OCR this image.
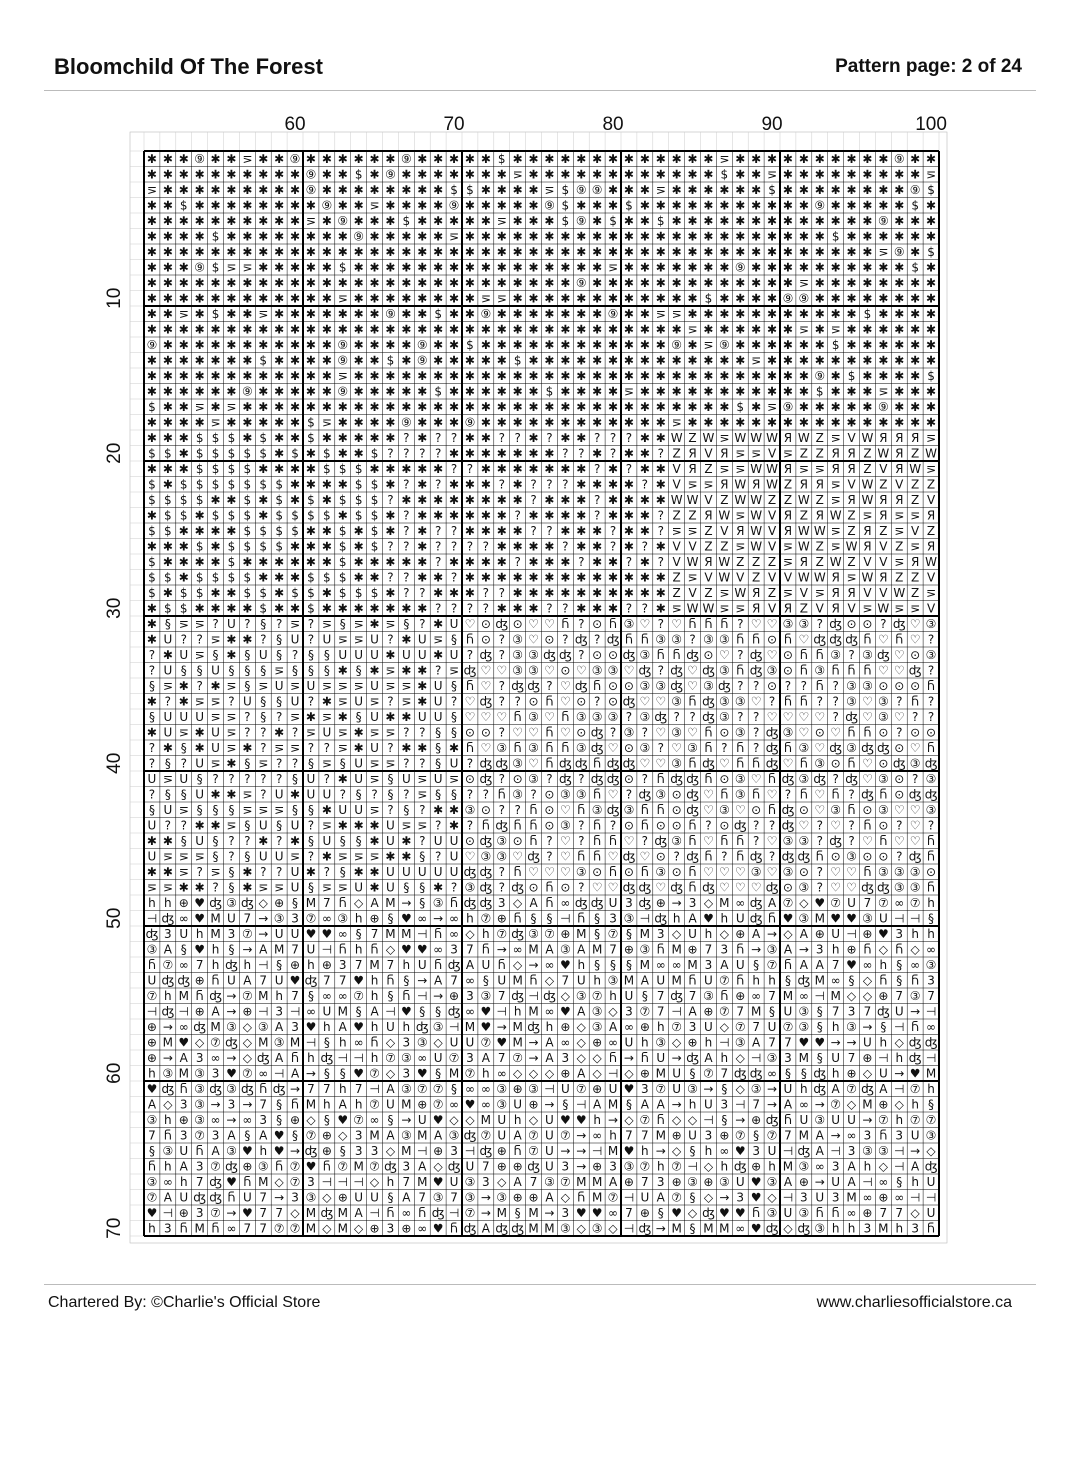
Bloomchild Of The Forest	Pattern page: 2 of 24
✱ ✱ ✱ ⑨ ✱ ✱ ⋝ ✱ ✱ ⑨ ✱ ✱ ✱ ✱ ✱ ✱ ⑨ ✱ ✱ ✱ ✱ ✱ $ ✱ ✱ ✱ ✱ ✱ ✱ ✱ ✱ ✱ ✱ ✱ ✱ ✱ ⋝ ✱ ✱ ✱ ✱ ✱ ✱ ✱ ✱ ✱ ✱ ⑨ ✱ ✱
✱ ✱ ✱ ✱ ✱ ✱ ✱ ✱ ✱ ✱ ⑨ ✱ ✱ $ ✱ ⑨ ✱ ✱ ✱ ✱ ✱ ✱ ✱ ⋝ ✱ ✱ ✱ ✱ ✱ ✱ ✱ ✱ ✱ ✱ ✱ ✱ $ ✱ ✱ ⋝ ✱ ✱ ✱ ✱ ✱ ✱ ✱ ✱ ✱ ⋝
⋝ ✱ ✱ ✱ ✱ ✱ ✱ ✱ ✱ ✱ ⑨ ✱ ✱ ✱ ✱ ✱ ✱ ✱ ✱ $ $ ✱ ✱ ✱ ✱ ⋝ $ ⑨ ⑨ ✱ ✱ ✱ ⋝ ✱ ✱ ✱ ✱ ✱ ✱ $ ✱ ✱ ✱ ✱ ✱ ✱ ✱ ✱ ⑨ $
✱ ✱ $ ✱ ✱ ✱ ✱ ✱ ✱ ✱ ✱ ⑨ ✱ ✱ ⋝ ✱ ✱ ✱ ✱ ⑨ ✱ ✱ ✱ ✱ ✱ ⑨ $ ✱ ✱ ✱ $ ✱ ✱ ✱ ✱ ✱ ✱ ✱ ✱ ✱ ✱ ✱ ⑨ ✱ ✱ ✱ ✱ ✱ $ ✱
✱ ✱ ✱ ✱ ✱ ✱ ✱ ✱ ✱ ✱ ⋝ ✱ ⑨ ✱ ✱ ✱ $ ✱ ✱ ✱ ✱ ✱ ⋝ ✱ ✱ ✱ $ ⑨ ✱ $ ✱ ✱ $ ✱ ✱ ✱ ✱ ✱ ✱ ✱ ✱ ✱ ✱ ✱ ✱ ✱ ⑨ ✱ ✱ ✱
✱ ✱ ✱ ✱ $ ✱ ✱ ✱ ✱ ✱ ✱ ✱ ✱ ⑨ ✱ ✱ ✱ ✱ ✱ ⋝ ✱ ✱ ✱ ✱ ✱ ✱ ✱ ✱ ✱ ✱ ✱ ✱ ✱ ✱ ✱ ✱ ✱ ✱ ✱ ✱ ✱ ✱ ✱ $ ✱ ✱ ✱ ✱ ✱ ✱
✱ ✱ ✱ ✱ ✱ ✱ ✱ ✱ ✱ ✱ ✱ ✱ ✱ ✱ ✱ ✱ ✱ ✱ ✱ ✱ ✱ ✱ ✱ ✱ ✱ ✱ ✱ ✱ ✱ ✱ ✱ ✱ ✱ ✱ ✱ ✱ ✱ ✱ ✱ ✱ ✱ ✱ ✱ ✱ ✱ ✱ ⋝ ⑨ ✱ $
✱ ✱ ✱ ⑨ $ ⋝ ⋝ ✱ ✱ ✱ ✱ ✱ $ ✱ ✱ ✱ ✱ ✱ ✱ ✱ ✱ ✱ ✱ ✱ ✱ ✱ ✱ ✱ ✱ ⋝ ✱ ✱ ✱ ✱ ✱ ✱ ✱ ⑨ ✱ ✱ ✱ ✱ ✱ ✱ ✱ ✱ ✱ ✱ $ ✱
✱ ✱ ✱ ✱ ✱ ✱ ✱ ✱ ✱ ✱ ✱ ✱ ✱ ✱ ✱ ✱ ✱ ✱ ✱ ✱ ✱ ✱ ✱ ✱ ✱ ✱ ✱ ⑨ ✱ ✱ ✱ ✱ ✱ ✱ ✱ ✱ ✱ ✱ ✱ ✱ ✱ ⋝ ✱ ✱ ✱ ✱ ✱ ✱ ✱ ✱
✱ ✱ ✱ ✱ ✱ ✱ ✱ ✱ ✱ ✱ ✱ ✱ ⋝ ✱ ✱ ✱ ✱ ✱ ✱ ✱ ✱ ⋝ ⋝ ✱ ✱ ✱ ✱ ✱ ✱ ✱ ✱ ✱ ✱ ✱ ✱ $ ✱ ✱ ✱ ✱ ⑨ ⑨ ✱ ✱ ✱ ✱ ✱ ✱ ✱ ✱
✱ ✱ ⋝ ✱ $ ✱ ✱ ⋝ ✱ ✱ ✱ ✱ ✱ ✱ ✱ ⑨ ✱ ✱ $ ✱ ✱ ⑨ ✱ ✱ ✱ ✱ ✱ ✱ ✱ ⑨ ✱ ✱ ⋝ ⋝ ✱ ✱ ✱ ✱ ✱ ✱ ✱ ✱ ✱ ✱ ✱ $ ✱ ✱ ✱ ✱
✱ ✱ ✱ ✱ ✱ ✱ ✱ ✱ ✱ ✱ ✱ ✱ ✱ ✱ ✱ ✱ ✱ ✱ ✱ ✱ ✱ ✱ ✱ ✱ ✱ ✱ ✱ ✱ ✱ ✱ ✱ ✱ ✱ ✱ ⋝ ✱ ✱ ✱ ✱ ✱ ✱ ⋝ ✱ ⋝ ✱ ✱ ✱ ✱ ✱ ✱
⑨ ✱ ✱ ✱ ✱ ✱ ✱ ✱ ✱ ✱ ✱ ✱ ⑨ ✱ ✱ ✱ ✱ ⑨ ✱ ✱ $ ✱ ✱ ✱ ✱ ✱ ✱ ✱ ✱ ✱ ✱ ✱ ✱ ⑨ ✱ ⋝ ⑨ ✱ ✱ ✱ ✱ ✱ ✱ $ ✱ ✱ ✱ ✱ ✱ ✱
✱ ✱ ✱ ✱ ✱ ✱ ✱ $ ✱ ✱ ✱ ✱ ⑨ ✱ ✱ $ ✱ ⑨ ✱ ✱ ✱ ✱ ✱ $ ✱ ✱ ✱ ✱ ✱ ✱ ✱ ✱ ✱ ✱ ✱ ✱ ✱ ✱ ⋝ ✱ ✱ ✱ ✱ ✱ ✱ ✱ ✱ ✱ ✱ ✱
✱ ✱ ✱ ✱ ✱ ✱ ✱ ✱ ✱ ✱ ✱ ✱ ⋝ ✱ ✱ ✱ ✱ ✱ ✱ ✱ ✱ ✱ ✱ ✱ ✱ ✱ ✱ ✱ ✱ ✱ ✱ ✱ ✱ ✱ ✱ ✱ ✱ ✱ ✱ ✱ ✱ ✱ ⑨ ✱ $ ✱ ✱ ✱ ✱ $
✱ ✱ ✱ ✱ ✱ ✱ ⑨ ✱ ✱ ✱ ✱ ✱ ⑨ ✱ ✱ ✱ ✱ ✱ $ ✱ ✱ ✱ ✱ ✱ ✱ $ ✱ ✱ ✱ ✱ ⋝ ✱ ✱ ✱ ✱ ✱ ✱ ✱ ✱ ✱ ✱ ✱ $ ✱ ✱ ✱ ⋝ ✱ ✱ ✱
$ ✱ ✱ ⋝ ✱ ⋝ ✱ ✱ ✱ ✱ ✱ ✱ ✱ ✱ ✱ ✱ ✱ ✱ ✱ ✱ ✱ ✱ ✱ ✱ ✱ ✱ ✱ ✱ ✱ ✱ ✱ ✱ ✱ ✱ ✱ ✱ ✱ $ ✱ ⋝ ⑨ ✱ ✱ ✱ ✱ ✱ ⑨ ✱ ✱ ✱
✱ ✱ ✱ ✱ ⋝ ✱ ✱ ✱ ✱ ✱ $ ⋝ ✱ ✱ ✱ ✱ ⑨ ✱ ✱ ✱ ⑨ ✱ ✱ ✱ ✱ ✱ ✱ ✱ ✱ ✱ ✱ ✱ ✱ ⋝ ✱ ✱ ✱ ✱ ✱ ✱ ✱ ✱ ✱ ✱ ✱ ✱ ✱ ✱ ✱ ✱
✱ ✱ ✱ $ $ $ ✱ $ ✱ ✱ $ ✱ ✱ ✱ ✱ ✱ ? ✱ ? ? ✱ ✱ ? ? ✱ ? ✱ ✱ ? ? ? ✱ ✱ W Z W ⋝ W W W Я W Z ⋝ V W Я Я Я ⋝
$ $ ✱ $ $ $ $ $ ✱ $ ✱ $ ✱ ✱ $ ? ? ? ? ✱ ✱ ✱ ✱ ✱ ✱ ✱ ? ? ✱ ? ✱ ✱ ? Z Я V Я ⋝ ⋝ V ⋝ Z Z Я Я Z W Я Z W
✱ ✱ ✱ $ $ $ $ ✱ ✱ ✱ ✱ $ $ $ ✱ ✱ ✱ ✱ ✱ ? ? ✱ ✱ ✱ ✱ ✱ ✱ ✱ ? ✱ ? ✱ ✱ V Я Z ⋝ ⋝ W W Я ⋝ ⋝ Я Я Z V Я W ⋝
$ ✱ $ $ $ $ $ $ $ ✱ ✱ ✱ ✱ $ $ ✱ ? ✱ ? ✱ ✱ ✱ ? ✱ ? ? ? ✱ ✱ ✱ ✱ ? ✱ V ⋝ ⋝ Я W Я W Z Я Я ⋝ V W Z V Z Z
$ $ $ $ ✱ ✱ $ ✱ $ ✱ $ ✱ $ $ $ ? ✱ ✱ ✱ ✱ ✱ ✱ ✱ ✱ ? ✱ ✱ ✱ ? ✱ ✱ ✱ ✱ W W V Z W W Z Z W Z ⋝ Я W Я Я Z V
✱ $ $ ✱ $ $ $ ✱ $ $ $ $ ✱ $ $ ✱ ? ✱ ✱ ✱ ✱ ✱ ✱ ? ✱ ✱ ✱ ✱ ? ✱ ✱ ✱ ? Z Z Я W ⋝ W V Я Z Я W Z ⋝ Я ⋝ ⋝ Я
$ $ ✱ ✱ ✱ ✱ $ $ $ $ ✱ ✱ $ ✱ $ ✱ ? ✱ ? ? ✱ ✱ ✱ ✱ ? ? ✱ ✱ ✱ ? ✱ ✱ ? ⋝ ⋝ Z V Я W V Я W W ⋝ Z Я Z ⋝ V Z
✱ ✱ ✱ $ ✱ $ $ $ $ ✱ ✱ ✱ $ ✱ $ ? ? ✱ ? ? ? ? ✱ ✱ ✱ ✱ ? ✱ ✱ ? ✱ ? ✱ V V Z Z ⋝ W V ⋝ W Z ⋝ W Я V Z ⋝ Я
$ ✱ ✱ ✱ ✱ $ ✱ ✱ ✱ ✱ ✱ ✱ $ ✱ ✱ ✱ ✱ ✱ ? ✱ ✱ ✱ ✱ ? ✱ ✱ ✱ ? ✱ ✱ ? ✱ ? V W Я W Z Z Z ⋝ Я Z W Z V V ⋝ Я W
$ $ ✱ $ $ $ $ ✱ ✱ ✱ $ $ $ ✱ ✱ ? ? ✱ ✱ ? ✱ ✱ ✱ ✱ ✱ ✱ ✱ ✱ ✱ ✱ ✱ ✱ ✱ Z ⋝ V W V Z V V W W Я ⋝ W Я Z Z V
$ ✱ $ $ ✱ ✱ $ $ ✱ $ $ ✱ $ $ $ ✱ ? ? ✱ ✱ ✱ ? ? ✱ ✱ ✱ ✱ ✱ ✱ ✱ ✱ ✱ ✱ Z V Z ⋝ W Я Z ⋝ V ⋝ Я Я V V W Z ⋝
✱ $ $ ✱ ✱ ✱ ✱ $ ✱ ✱ $ ✱ ✱ ✱ ✱ ✱ ✱ ✱ ? ? ? ? ✱ ✱ ✱ ? ? ✱ ✱ ✱ ? ? ✱ ⋝ W W ⋝ ⋝ Я V Я Z V Я V ⋝ W ⋝ ⋝ V
✱ § ⋝ ⋝ ? U ? § ? ⋝ ? ⋝ § ⋝ ✱ ⋝ § ? ✱ U ♡ ⊙ ʤ ⊙ ♡ ♡ Ⴌ ? ⊙ Ⴌ ③ ♡ ? ♡ Ⴌ Ⴌ Ⴌ ? ♡ ♡ ③ ③ ? ʤ ⊙ ⊙ ? ʤ ♡ ③
✱ U ? ? ⋝ ✱ ✱ ? § U ? U ⋝ ⋝ U ? ✱ U ⋝ § Ⴌ ⊙ ? ③ ♡ ⊙ ? ʤ ? ʤ Ⴌ Ⴌ ③ ③ ? ③ ③ Ⴌ Ⴌ ⊙ Ⴌ ♡ ʤ ʤ ʤ Ⴌ ♡ Ⴌ ♡ ?
? ✱ U ⋝ § ✱ § U § ? § § U U U ✱ U U ✱ U ? ʤ ? ③ ③ ʤ ʤ ? ⊙ ⊙ ʤ ③ Ⴌ Ⴌ ʤ ⊙ ♡ ? ʤ ♡ ⊙ Ⴌ Ⴌ ③ ? ③ ʤ ♡ ⊙ ③
? U § § U § § § ⋝ § § § ✱ § ✱ ⋝ ✱ ✱ ? ⋝ ʤ ♡ ♡ ③ ③ ♡ ⊙ ♡ ③ ③ ♡ ʤ ? ʤ ♡ ʤ ③ Ⴌ ʤ ③ ⊙ Ⴌ ③ Ⴌ Ⴌ Ⴌ ♡ ♡ ʤ ?
§ ⋝ ✱ ? ✱ ⋝ § ⋝ U ⋝ U ⋝ ⋝ ⋝ U ⋝ ⋝ ✱ U § Ⴌ ♡ ? ʤ ʤ ? ♡ ʤ Ⴌ ⊙ ⊙ ③ ③ ʤ ♡ ③ ʤ ? ? ⊙ ? ? Ⴌ ? ③ ③ ⊙ ⊙ ⊙ Ⴌ
✱ ? ✱ ⋝ ⋝ ? U § § U ? ✱ ⋝ U ⋝ ? ⋝ ✱ U ? ♡ ʤ ? ? ⊙ Ⴌ ♡ ⊙ ? ⊙ ʤ ♡ ♡ ③ Ⴌ ʤ ③ ③ ♡ ? Ⴌ Ⴌ ? ? ③ ♡ ③ ? Ⴌ ?
§ U U U ⋝ ⋝ ? § ? ⋝ ✱ ⋝ ✱ § U ✱ ✱ U U § ♡ ♡ ♡ Ⴌ ③ ♡ Ⴌ ③ ③ ③ ? ③ ʤ ? ? ʤ ③ ? ? ♡ ♡ ♡ ♡ ? ʤ ♡ ③ ♡ ? ?
✱ U ⋝ ✱ U ⋝ ? ? ✱ ? ⋝ U ⋝ ✱ ⋝ ⋝ ? ? § § ⊙ ⊙ ? ♡ ♡ Ⴌ ♡ ⊙ ʤ ? ③ ? ♡ ③ ♡ Ⴌ ⊙ ③ ? ʤ ③ ♡ ⊙ ♡ Ⴌ Ⴌ ⊙ ? ⊙ ⊙
? ✱ § ✱ U ⋝ ✱ ? ⋝ ⋝ ? ? ⋝ ✱ U ? ✱ ✱ § ✱ Ⴌ ♡ ③ Ⴌ ③ Ⴌ Ⴌ ③ ʤ ♡ ⊙ ③ ? ♡ ③ Ⴌ ? Ⴌ ? ʤ Ⴌ ③ ♡ ʤ ③ ʤ ʤ ⊙ ♡ Ⴌ
? § ? U ⋝ ✱ § ⋝ ? ? § ⋝ § U ⋝ ⋝ ? ? § U ? ʤ ʤ ③ ♡ Ⴌ ʤ ʤ Ⴌ ʤ ʤ ♡ ♡ ③ Ⴌ ʤ ♡ Ⴌ Ⴌ ʤ ♡ Ⴌ ③ ⊙ Ⴌ ♡ ⊙ ʤ ③ ʤ
U ⋝ U § ? ? ? ? ? § U ? ✱ U ⋝ § U ⋝ U ⋝ ⊙ ʤ ? ⊙ ③ ? ʤ ? ʤ ʤ ⊙ ? Ⴌ ʤ ʤ Ⴌ ⊙ ③ ♡ Ⴌ ʤ ③ ʤ ? ʤ ♡ ③ ⊙ ? ③
? § § U ✱ ✱ ⋝ ? U ✱ U U ? § ? § ? ⋝ § § ? ? Ⴌ ③ ? ⊙ ③ ③ Ⴌ ♡ ? ʤ ③ ⊙ ʤ ♡ Ⴌ ③ Ⴌ ♡ ? Ⴌ ♡ Ⴌ ? ʤ Ⴌ ⊙ ʤ ʤ
§ U ⋝ § § § ⋝ ⋝ ⋝ § § ✱ U U ⋝ ? § ? ✱ ✱ ③ ⊙ ? ? Ⴌ ⊙ ♡ Ⴌ ③ ʤ ③ Ⴌ Ⴌ ⊙ ʤ ♡ ③ ♡ ⊙ Ⴌ ʤ ⊙ ♡ ③ Ⴌ ⊙ ③ ♡ ♡ ③
U ? ? ✱ ✱ ⋝ § U § U ? ⋝ ✱ ✱ ✱ U ⋝ ⋝ ? ✱ ? Ⴌ ʤ Ⴌ Ⴌ ⊙ ③ ? Ⴌ ? ⊙ Ⴌ ⊙ ⊙ Ⴌ ? ⊙ ʤ ? ? ʤ ♡ ? ♡ ? Ⴌ ⊙ ? ♡ ?
✱ ✱ § U § ? ? ✱ ? ✱ § U § § ✱ U ✱ ? U U ⊙ ʤ ③ ⊙ Ⴌ ? ♡ ? Ⴌ Ⴌ ♡ ? ʤ ③ Ⴌ ♡ Ⴌ Ⴌ ? ♡ ③ ③ ? ʤ ? ♡ Ⴌ ♡ ♡ Ⴌ
U ⋝ ⋝ ⋝ § ? § U U ⋝ ? ✱ ⋝ ⋝ ⋝ ✱ ✱ § ? U ♡ ③ ③ ♡ ʤ ? ♡ Ⴌ Ⴌ ♡ ʤ ♡ ⊙ ? ʤ Ⴌ ? Ⴌ ʤ ? ʤ ʤ Ⴌ ⊙ ③ ⊙ ⊙ ? ʤ Ⴌ
✱ ✱ ⋝ ? ⋝ § ✱ ? ? U ✱ ? § ✱ ✱ U U U U U ʤ ʤ ? Ⴌ ♡ ♡ ♡ ③ ⊙ Ⴌ ⊙ Ⴌ ③ ⊙ Ⴌ ♡ ♡ ♡ ③ ♡ ③ ⊙ ? ♡ ♡ Ⴌ ③ ③ ③ ⊙
⋝ ⋝ ✱ ✱ ? § ✱ ⋝ ⋝ U § ⋝ ⋝ U ✱ U § § ✱ ? ③ ʤ ? ʤ ⊙ Ⴌ ⊙ ? ♡ ♡ ʤ ʤ ♡ ʤ Ⴌ ʤ ♡ ♡ ♡ ʤ ⊙ ③ ? ♡ ♡ ʤ ʤ ③ ③ Ⴌ
h h ⊕ ♥ ʤ ③ ʤ ◇ ⊕ § M 7 Ⴌ ◇ A M → § ③ Ⴌ ʤ ʤ 3 ◇ A Ⴌ ∞ ʤ ʤ U 3 ʤ ⊕ → 3 ◇ M ∞ ʤ A ⑦ ◇ ♥ ⑦ U 7 ⑦ ∞ ⑦ h
⊣ ʤ ∞ ♥ M U 7 → ③ 3 ⑦ ∞ ③ h ⊕ § ♥ ∞ → ∞ h ⑦ ⊕ Ⴌ § § ⊣ Ⴌ § 3 ③ ⊣ ʤ h A ♥ h U ʤ Ⴌ ♥ ③ M ♥ ♥ ③ U ⊣ ⊣ §
ʤ 3 U h M 3 ⑦ → U U ♥ ♥ ∞ § 7 M M ⊣ Ⴌ ∞ ◇ h ⑦ ʤ ③ ⑦ ⊕ M § ⑦ § M 3 ◇ U h ◇ ⊕ A → ◇ A ⊕ U ⊣ ⊕ ♥ 3 h h
③ A § ♥ h § → A M 7 U ⊣ Ⴌ h Ⴌ ◇ ♥ ♥ ∞ 3 7 Ⴌ → ∞ M A ③ A M 7 ⊕ ③ Ⴌ M ⊕ 7 3 Ⴌ → ③ A → 3 h ⊕ Ⴌ ◇ Ⴌ ◇ ∞
Ⴌ ⑦ ∞ 7 h ʤ h ⊣ § ⊕ h ⊕ 3 7 M 7 h U Ⴌ ʤ A U Ⴌ ◇ → ∞ ♥ h § § § M ∞ ∞ M 3 A U § ⑦ Ⴌ A A 7 ♥ ∞ h § ∞ ③
U ʤ ʤ ⊕ Ⴌ U A 7 U ♥ ʤ 7 7 ♥ h Ⴌ § → A 7 ∞ § U M Ⴌ ◇ 7 U h ③ M A U M Ⴌ U ⑦ Ⴌ h h § ʤ M ∞ § ◇ Ⴌ § Ⴌ 3
⑦ h M Ⴌ ʤ → ⑦ M h 7 § ∞ ∞ ⑦ h § Ⴌ ⊣ → ⊕ 3 ③ 7 ʤ ⊣ ʤ ◇ ③ ⑦ h U § 7 ʤ 7 ③ Ⴌ ⊕ ∞ 7 M ∞ ⊣ M ◇ ◇ ⊕ 7 ③ 7
⊣ ʤ ⊣ ⊕ A → ⊕ ⊣ 3 ⊣ ∞ U M § A ⊣ ♥ § § ʤ ∞ ♥ ⊣ h M ∞ ♥ A ③ ◇ 3 ⑦ 7 ⊣ A ⊕ ⑦ 7 M § U ③ § 7 3 7 ʤ U → ⊣
⊕ → ∞ ʤ M ③ ◇ ③ A 3 ♥ h A ♥ h U h ʤ ③ ⊣ M ♥ → M ʤ h ⊕ ◇ ③ A ∞ ⊕ h ⑦ 3 U ◇ ⑦ 7 U ⑦ ③ § h ③ → § ⊣ Ⴌ ∞
⊕ M ♥ ◇ ⑦ ʤ ◇ M ③ M ⊣ § h ∞ Ⴌ ◇ 3 ③ ◇ U U ⑦ ♥ M → A ∞ ◇ ⊕ ∞ U h ③ ◇ ⊕ h ⊣ ③ A 7 7 ♥ ♥ → → U h ◇ ʤ ʤ
⊕ → A 3 ∞ → ◇ ʤ A Ⴌ h ʤ ⊣ ⊣ h ⑦ ③ ∞ U ⑦ 3 A 7 ⑦ → A 3 ◇ ◇ Ⴌ → Ⴌ U → ʤ A h ◇ ⊣ ③ 3 M § U 7 ⊕ ⊣ h ʤ ⊣
h ③ M ③ 3 ♥ ⑦ ∞ ⊣ A → § § ♥ ⑦ ◇ 3 ♥ § M ⑦ h ∞ ◇ ◇ ◇ ⊕ A ◇ ⊣ ◇ ⊕ M U § ⑦ 7 ʤ ʤ ∞ § § ʤ h ⊕ ◇ U → ♥ M
♥ ʤ Ⴌ ③ ʤ ③ ʤ Ⴌ ʤ → 7 7 h 7 ⊣ A ③ ⑦ ⑦ § ∞ ∞ ③ ⊕ ③ ⊣ U ⑦ ⊕ U ♥ 3 ⑦ U ③ → § ◇ ③ → U h ʤ A ⑦ ʤ A ⊣ ⑦ h
A ◇ 3 ③ → 3 → 7 § Ⴌ M h A h ⑦ U M ⊕ ⑦ ∞ ♥ ∞ ③ U ⊕ → § ⊣ A M § A A → h U 3 ⊣ 7 → A ∞ → ⑦ ◇ M ⊕ ◇ h §
③ h ⊕ ③ ∞ → ∞ 3 § ⊕ ◇ § ♥ ⑦ ∞ § → U ♥ ◇ ◇ M U h ◇ U ♥ ♥ h → ◇ ⑦ Ⴌ ◇ ◇ ⊣ § → ⊕ ʤ Ⴌ U ③ U U → ⑦ h ⑦ ⑦
7 Ⴌ 3 ⑦ 3 A § A ♥ § ⑦ ⊕ ◇ 3 M A ③ M A ③ ʤ ⑦ U A ⑦ U ⑦ → ∞ h 7 7 M ⊕ U 3 ⊕ ⑦ § ⑦ 7 M A → ∞ 3 Ⴌ 3 U ③
§ ③ U Ⴌ A ③ ♥ h ♥ → ʤ ⊕ § 3 3 ◇ M ⊣ ⊕ 3 ⊣ ʤ ⊕ Ⴌ ⑦ U → → ⊣ M ♥ h → ◇ § h ∞ ♥ 3 U ⊣ ʤ A ⊣ 3 ③ ③ ⊣ → ◇
Ⴌ h A 3 ⑦ ʤ ⊕ ③ Ⴌ ⑦ ♥ Ⴌ ⑦ M ⑦ ʤ 3 A ◇ ʤ U 7 ⊕ ⊕ ʤ U 3 → ⊕ 3 ③ ⑦ h ⑦ ⊣ ◇ h ʤ ⊕ h M ③ ∞ 3 A h ◇ ⊣ A ʤ
③ ∞ h 7 ʤ ♥ Ⴌ M ◇ ⑦ 3 ⊣ ⊣ ⊣ ◇ h 7 M ♥ U ③ 3 ◇ A 7 ③ ⑦ M M A ⊕ 7 3 ⊕ ③ ⊕ ③ U ♥ ③ A ⊕ → U A ⊣ ∞ § h U
⑦ A U ʤ ʤ Ⴌ U 7 → 3 ③ ◇ ⊕ U U § A 7 ③ 7 ③ → ③ ⊕ ⊕ A ◇ Ⴌ M ⑦ ⊣ U A ⑦ § ◇ → 3 ♥ ◇ ⊣ 3 U 3 M ∞ ⊕ ∞ ⊣ ⊣
♥ ⊣ ⊕ 3 ⑦ → ♥ 7 7 ◇ M ʤ M A ⊣ Ⴌ ∞ Ⴌ ʤ ⊣ ⑦ → M § M → 3 ♥ ♥ ∞ 7 ⊕ § ♥ ◇ ʤ ♥ ♥ Ⴌ ③ U ③ Ⴌ Ⴌ ∞ ⊕ 7 7 ◇ U
h 3 Ⴌ M Ⴌ ∞ 7 7 ⑦ ⑦ M ◇ M ◇ ⊕ 3 ⊕ ∞ ♥ Ⴌ ʤ A ʤ ʤ M M ③ ◇ ③ ◇ ⊣ ʤ → M § M M ∞ ♥ ʤ ◇ ʤ ③ h h 3 M h 3 Ⴌ
60	70	80	90	100
10
20
30
40
50
60
70
Chartered By: ©Charlie's Official Store	www.charliesofficialstore.ca
